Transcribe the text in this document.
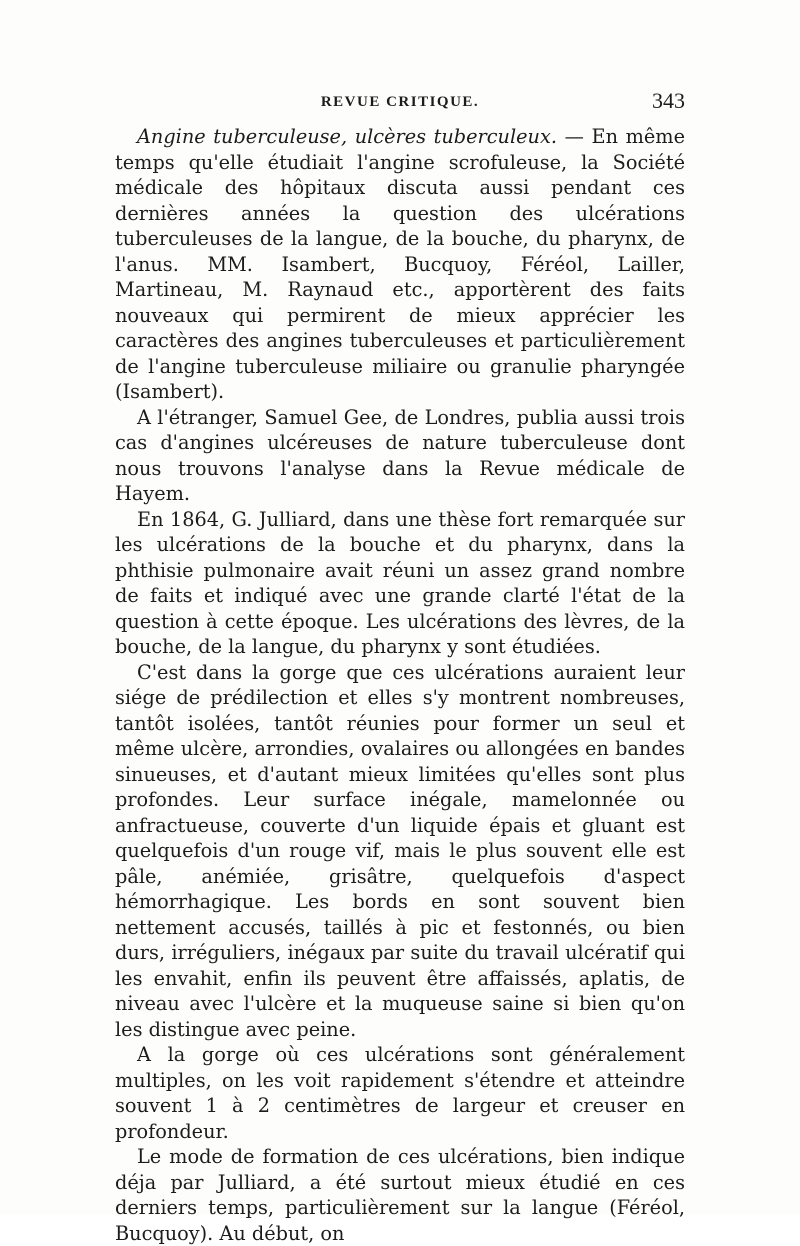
REVUE CRITIQUE.	343

Angine tuberculeuse, ulcères tuberculeux. — En même temps qu'elle étudiait l'angine scrofuleuse, la Société médicale des hôpitaux discuta aussi pendant ces dernières années la question des ulcérations tuberculeuses de la langue, de la bouche, du pharynx, de l'anus. MM. Isambert, Bucquoy, Féréol, Lailler, Martineau, M. Raynaud etc., apportèrent des faits nouveaux qui permirent de mieux apprécier les caractères des angines tuberculeuses et particulièrement de l'angine tuberculeuse miliaire ou granulie pharyngée (Isambert).

A l'étranger, Samuel Gee, de Londres, publia aussi trois cas d'angines ulcéreuses de nature tuberculeuse dont nous trouvons l'analyse dans la Revue médicale de Hayem.

En 1864, G. Julliard, dans une thèse fort remarquée sur les ulcérations de la bouche et du pharynx, dans la phthisie pulmonaire avait réuni un assez grand nombre de faits et indiqué avec une grande clarté l'état de la question à cette époque. Les ulcérations des lèvres, de la bouche, de la langue, du pharynx y sont étudiées.

C'est dans la gorge que ces ulcérations auraient leur siége de prédilection et elles s'y montrent nombreuses, tantôt isolées, tantôt réunies pour former un seul et même ulcère, arrondies, ovalaires ou allongées en bandes sinueuses, et d'autant mieux limitées qu'elles sont plus profondes. Leur surface inégale, mamelonnée ou anfractueuse, couverte d'un liquide épais et gluant est quelquefois d'un rouge vif, mais le plus souvent elle est pâle, anémiée, grisâtre, quelquefois d'aspect hémorrhagique. Les bords en sont souvent bien nettement accusés, taillés à pic et festonnés, ou bien durs, irréguliers, inégaux par suite du travail ulcératif qui les envahit, enfin ils peuvent être affaissés, aplatis, de niveau avec l'ulcère et la muqueuse saine si bien qu'on les distingue avec peine.

A la gorge où ces ulcérations sont généralement multiples, on les voit rapidement s'étendre et atteindre souvent 1 à 2 centimètres de largeur et creuser en profondeur.

Le mode de formation de ces ulcérations, bien indique déja par Julliard, a été surtout mieux étudié en ces derniers temps, particulièrement sur la langue (Féréol, Bucquoy). Au début, on
